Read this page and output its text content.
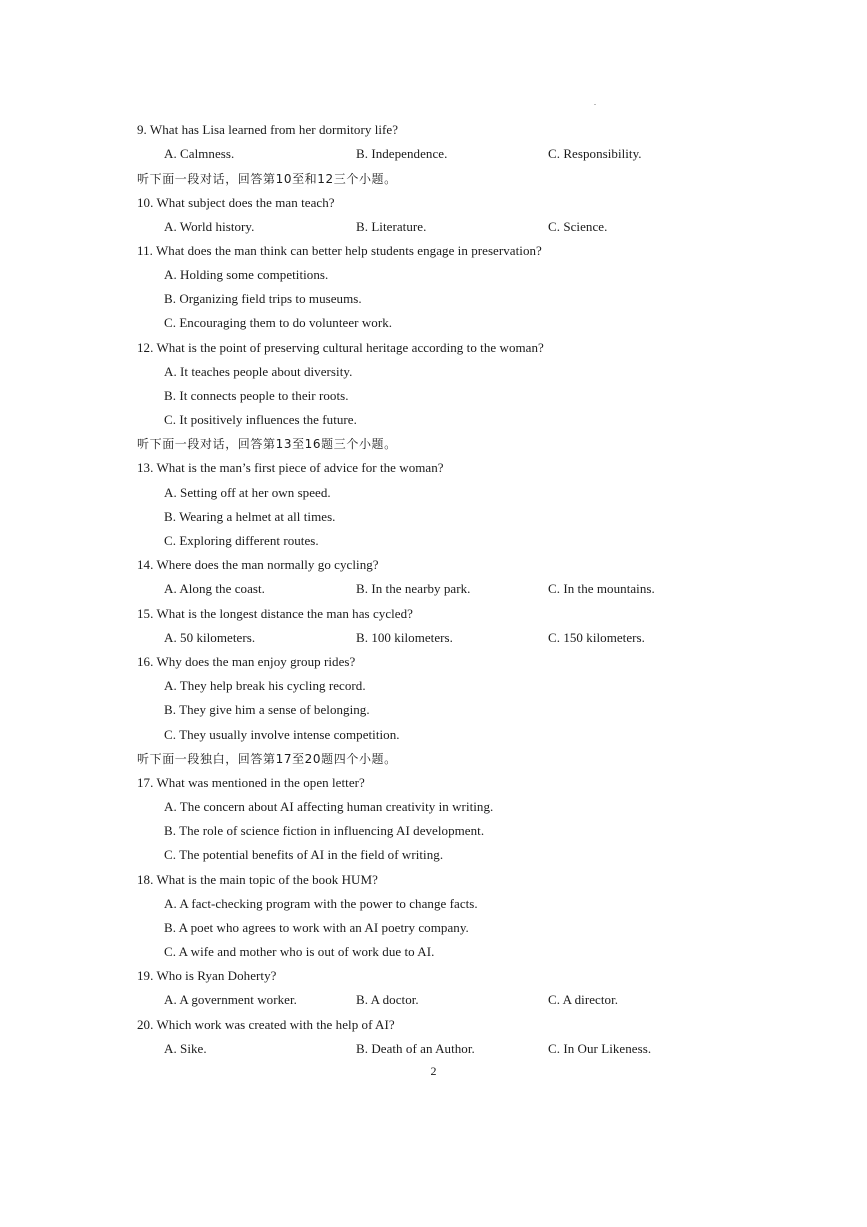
9. What has Lisa learned from her dormitory life?
A. Calmness.	B. Independence.	C. Responsibility.
听下面一段对话，回答第10至和12三个小题。
10. What subject does the man teach?
A. World history.	B. Literature.	C. Science.
11. What does the man think can better help students engage in preservation?
A. Holding some competitions.
B. Organizing field trips to museums.
C. Encouraging them to do volunteer work.
12. What is the point of preserving cultural heritage according to the woman?
A. It teaches people about diversity.
B. It connects people to their roots.
C. It positively influences the future.
听下面一段对话，回答第13至16题三个小题。
13. What is the man’s first piece of advice for the woman?
A. Setting off at her own speed.
B. Wearing a helmet at all times.
C. Exploring different routes.
14. Where does the man normally go cycling?
A. Along the coast.	B. In the nearby park.	C. In the mountains.
15. What is the longest distance the man has cycled?
A. 50 kilometers.	B. 100 kilometers.	C. 150 kilometers.
16. Why does the man enjoy group rides?
A. They help break his cycling record.
B. They give him a sense of belonging.
C. They usually involve intense competition.
听下面一段独白，回答第17至20题四个小题。
17. What was mentioned in the open letter?
A. The concern about AI affecting human creativity in writing.
B. The role of science fiction in influencing AI development.
C. The potential benefits of AI in the field of writing.
18. What is the main topic of the book HUM?
A. A fact-checking program with the power to change facts.
B. A poet who agrees to work with an AI poetry company.
C. A wife and mother who is out of work due to AI.
19. Who is Ryan Doherty?
A. A government worker.	B. A doctor.	C. A director.
20. Which work was created with the help of AI?
A. Sike.	B. Death of an Author.	C. In Our Likeness.
2
